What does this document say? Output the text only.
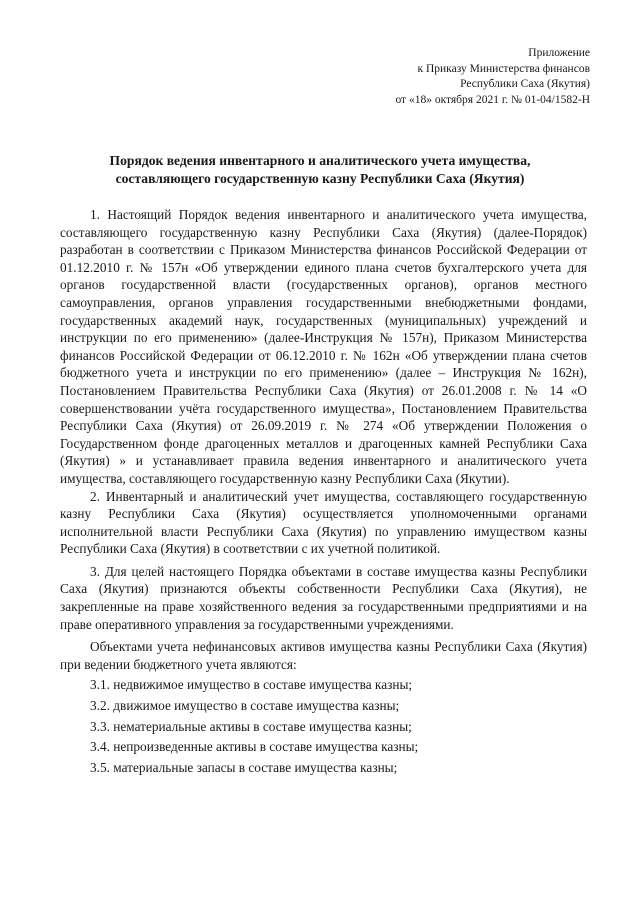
Приложение
к Приказу Министерства финансов
Республики Саха (Якутия)
от «18» октября 2021 г. № 01-04/1582-Н
Порядок ведения инвентарного и аналитического учета имущества,
составляющего государственную казну Республики Саха (Якутия)

1. Настоящий Порядок ведения инвентарного и аналитического учета имущества, составляющего государственную казну Республики Саха (Якутия) (далее-Порядок) разработан в соответствии с Приказом Министерства финансов Российской Федерации от 01.12.2010 г. № 157н «Об утверждении единого плана счетов бухгалтерского учета для органов государственной власти (государственных органов), органов местного самоуправления, органов управления государственными внебюджетными фондами, государственных академий наук, государственных (муниципальных) учреждений и инструкции по его применению» (далее-Инструкция № 157н), Приказом Министерства финансов Российской Федерации от 06.12.2010 г. № 162н «Об утверждении плана счетов бюджетного учета и инструкции по его применению» (далее – Инструкция № 162н), Постановлением Правительства Республики Саха (Якутия) от 26.01.2008 г. № 14 «О совершенствовании учёта государственного имущества», Постановлением Правительства Республики Саха (Якутия) от 26.09.2019 г. № 274 «Об утверждении Положения о Государственном фонде драгоценных металлов и драгоценных камней Республики Саха (Якутия) » и устанавливает правила ведения инвентарного и аналитического учета имущества, составляющего государственную казну Республики Саха (Якутии).

2. Инвентарный и аналитический учет имущества, составляющего государственную казну Республики Саха (Якутия) осуществляется уполномоченными органами исполнительной власти Республики Саха (Якутия) по управлению имуществом казны Республики Саха (Якутия) в соответствии с их учетной политикой.

3. Для целей настоящего Порядка объектами в составе имущества казны Республики Саха (Якутия) признаются объекты собственности Республики Саха (Якутия), не закрепленные на праве хозяйственного ведения за государственными предприятиями и на праве оперативного управления за государственными учреждениями.

Объектами учета нефинансовых активов имущества казны Республики Саха (Якутия) при ведении бюджетного учета являются:

3.1. недвижимое имущество в составе имущества казны;

3.2. движимое имущество в составе имущества казны;

3.3. нематериальные активы в составе имущества казны;

3.4. непроизведенные активы в составе имущества казны;

3.5. материальные запасы в составе имущества казны;
